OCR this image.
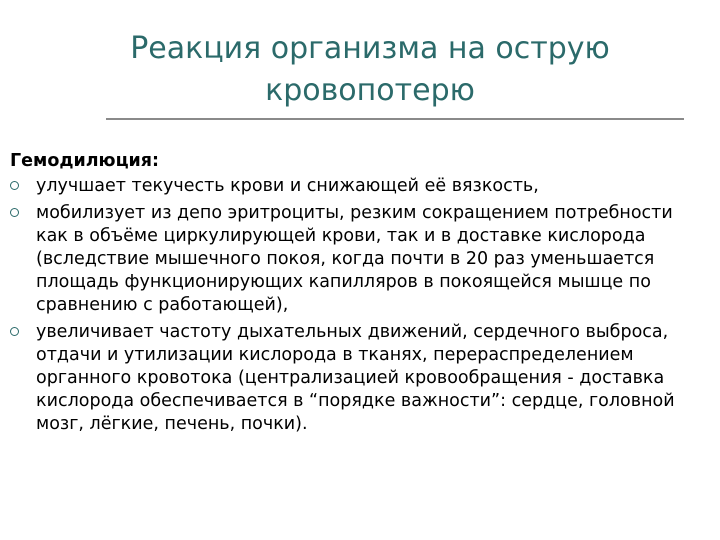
Реакция организма на острую кровопотерю
Гемодилюция:
улучшает текучесть крови и снижающей её вязкость,
мобилизует из депо эритроциты, резким сокращением потребности как в объёме циркулирующей крови, так и в доставке кислорода (вследствие мышечного покоя, когда почти в 20 раз уменьшается площадь функционирующих капилляров в покоящейся мышце по сравнению с работающей),
увеличивает частоту дыхательных движений, сердечного выброса, отдачи и утилизации кислорода в тканях, перераспределением органного кровотока (централизацией кровообращения - доставка кислорода обеспечивается в “порядке важности”: сердце, головной мозг, лёгкие, печень, почки).
